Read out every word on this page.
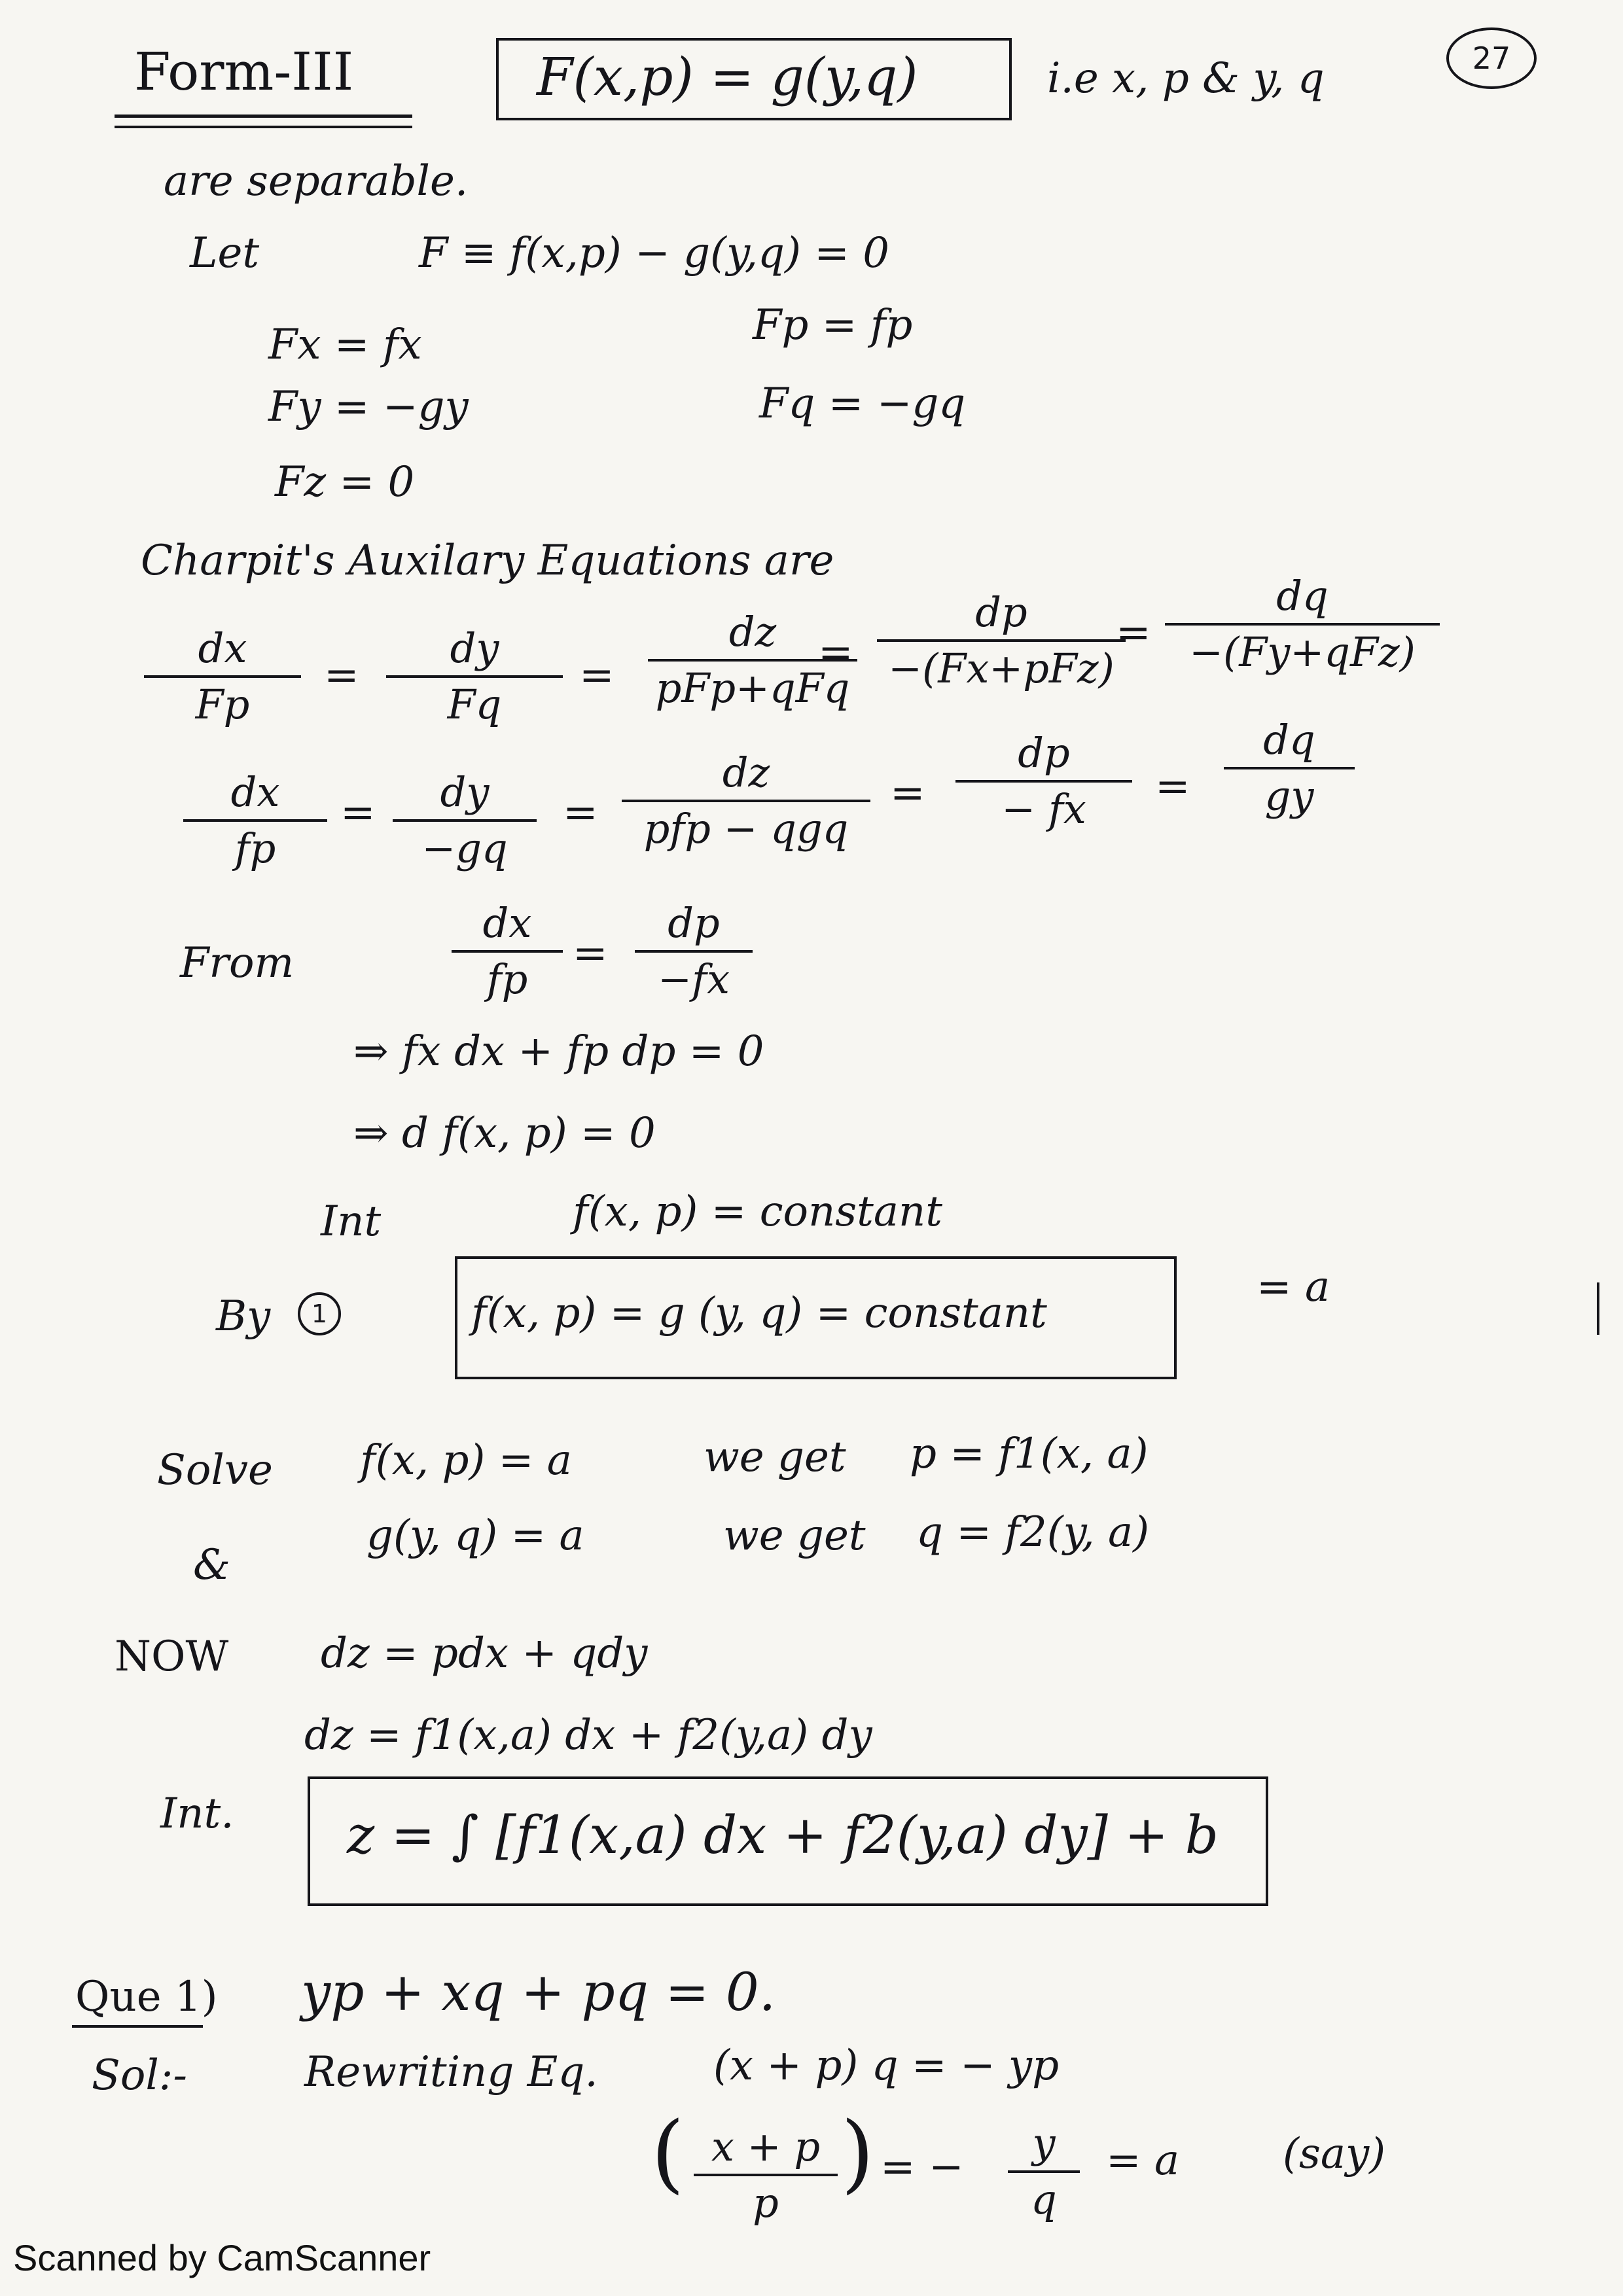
Form-III	F(x,p) = g(y,q)	i.e x, p & y, q	27
are separable.
Let	F ≡ f(x,p) − g(y,q) = 0
Fx = fx	Fp = fp
Fy = −gy	Fq = −gq
Fz = 0
Charpit's Auxilary Equations are
dx
Fp
=
dy
Fq
=
dz
pFp+qFq
=
dp
−(Fx+pFz)
=
dq
−(Fy+qFz)
dx
fp
=	dy
−gq
=
dz
pfp − qgq
=
dp
− fx	=
dq
gy
From
dx
fp
=
dp
−fx
⇒ fx dx + fp dp = 0
⇒ d f(x, p) = 0
Int	f(x, p) = constant
By	1	f(x, p) = g (y, q) = constant
= a
Solve f(x, p) = a	we get p = f1(x, a)
&
g(y, q) = a	we get q = f2(y, a)
NOW dz = pdx + qdy
dz = f1(x,a) dx + f2(y,a) dy
Int. z = ∫ [f1(x,a) dx + f2(y,a) dy] + b
Que 1) yp + xq + pq = 0.
Sol:-	Rewriting Eq.	(x + p) q = − yp
( x + p
p
) = −	y
q
= a (say)
Scanned by CamScanner
